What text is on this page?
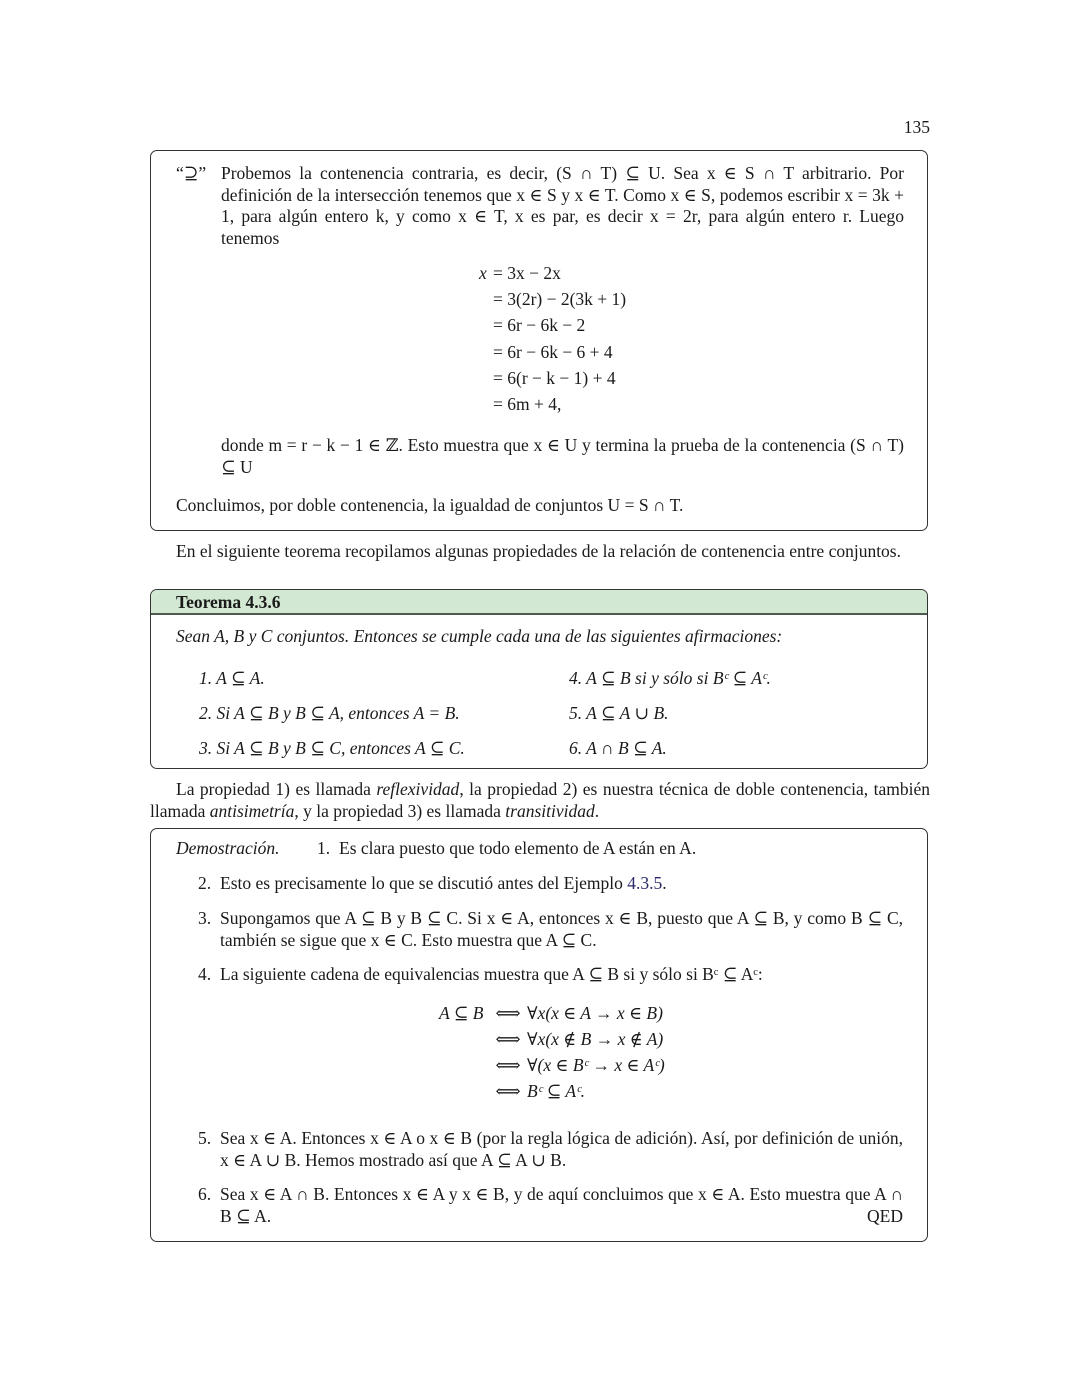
135
“⊇” Probemos la contenencia contraria, es decir, (S ∩ T) ⊆ U. Sea x ∈ S ∩ T arbitrario. Por definición de la intersección tenemos que x ∈ S y x ∈ T. Como x ∈ S, podemos escribir x = 3k + 1, para algún entero k, y como x ∈ T, x es par, es decir x = 2r, para algún entero r. Luego tenemos
x = 3x − 2x
= 3(2r) − 2(3k + 1)
= 6r − 6k − 2
= 6r − 6k − 6 + 4
= 6(r − k − 1) + 4
= 6m + 4,
donde m = r − k − 1 ∈ ℤ. Esto muestra que x ∈ U y termina la prueba de la contenencia (S ∩ T) ⊆ U
Concluimos, por doble contenencia, la igualdad de conjuntos U = S ∩ T.
En el siguiente teorema recopilamos algunas propiedades de la relación de contenencia entre conjuntos.
Teorema 4.3.6
Sean A, B y C conjuntos. Entonces se cumple cada una de las siguientes afirmaciones:
1. A ⊆ A.
2. Si A ⊆ B y B ⊆ A, entonces A = B.
3. Si A ⊆ B y B ⊆ C, entonces A ⊆ C.
4. A ⊆ B si y sólo si Bᶜ ⊆ Aᶜ.
5. A ⊆ A ∪ B.
6. A ∩ B ⊆ A.
La propiedad 1) es llamada reflexividad, la propiedad 2) es nuestra técnica de doble contenencia, también llamada antisimetría, y la propiedad 3) es llamada transitividad.
Demostración. 1. Es clara puesto que todo elemento de A están en A.
2. Esto es precisamente lo que se discutió antes del Ejemplo 4.3.5.
3. Supongamos que A ⊆ B y B ⊆ C. Si x ∈ A, entonces x ∈ B, puesto que A ⊆ B, y como B ⊆ C, también se sigue que x ∈ C. Esto muestra que A ⊆ C.
4. La siguiente cadena de equivalencias muestra que A ⊆ B si y sólo si Bᶜ ⊆ Aᶜ:
A ⊆ B ⟺ ∀x(x ∈ A → x ∈ B)
⟺ ∀x(x ∉ B → x ∉ A)
⟺ ∀(x ∈ Bᶜ → x ∈ Aᶜ)
⟺ Bᶜ ⊆ Aᶜ.
5. Sea x ∈ A. Entonces x ∈ A o x ∈ B (por la regla lógica de adición). Así, por definición de unión, x ∈ A ∪ B. Hemos mostrado así que A ⊆ A ∪ B.
6. Sea x ∈ A ∩ B. Entonces x ∈ A y x ∈ B, y de aquí concluimos que x ∈ A. Esto muestra que A ∩ B ⊆ A.	QED
